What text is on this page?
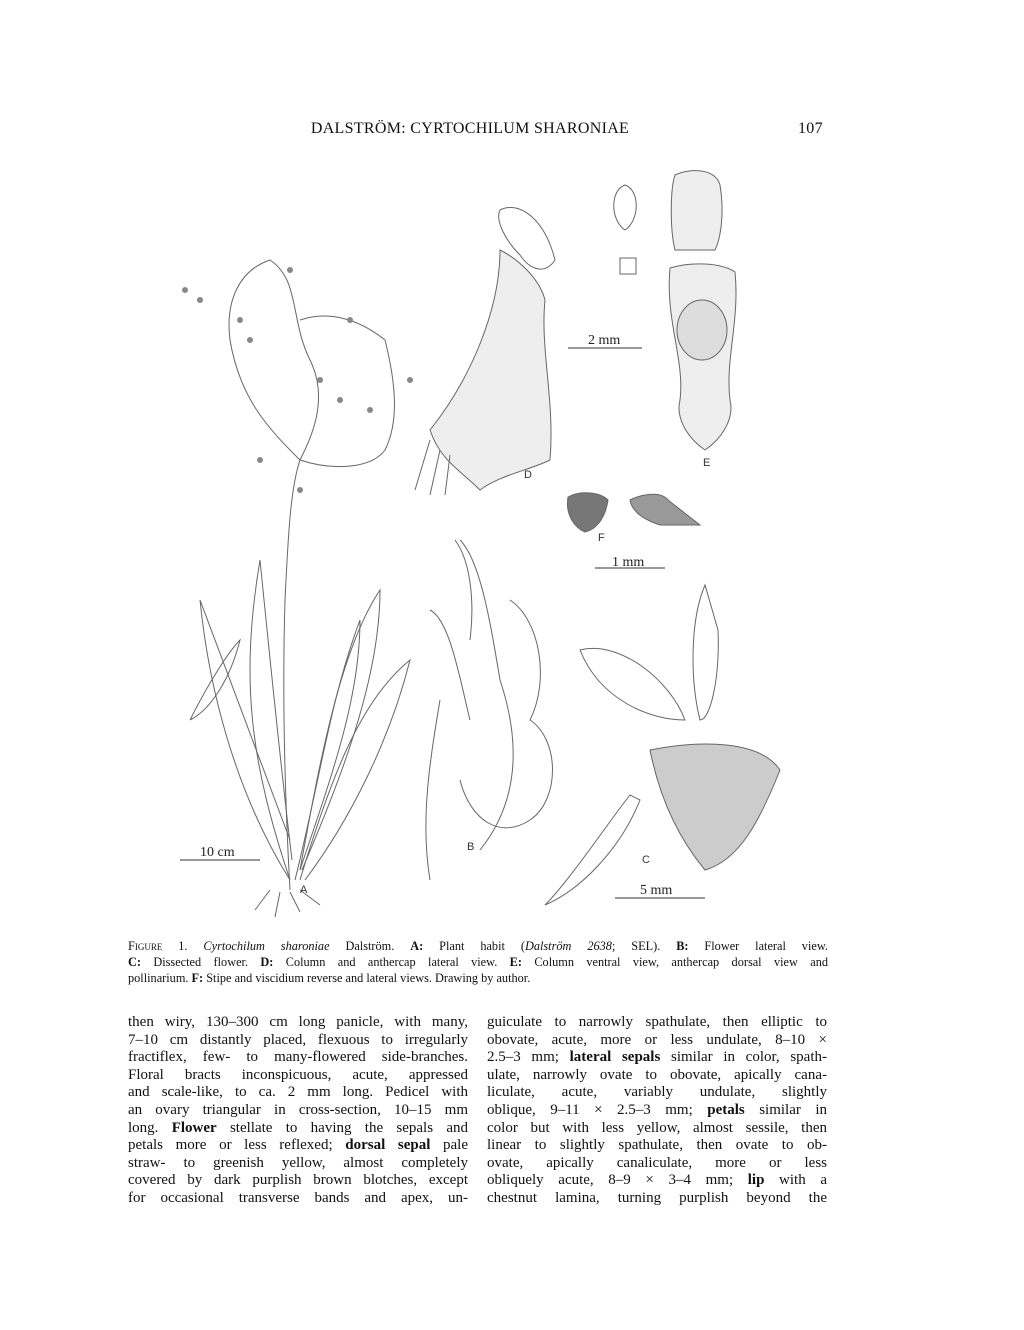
DALSTRÖM: CYRTOCHILUM SHARONIAE	107
A
B
C
D
E
F
10 cm
2 mm
1 mm
5 mm
Figure 1. Cyrtochilum sharoniae Dalström. A: Plant habit (Dalström 2638; SEL). B: Flower lateral view.
C: Dissected flower. D: Column and anthercap lateral view. E: Column ventral view, anthercap dorsal view and
pollinarium. F: Stipe and viscidium reverse and lateral views. Drawing by author.
then wiry, 130–300 cm long panicle, with many,
7–10 cm distantly placed, flexuous to irregularly
fractiflex, few- to many-flowered side-branches.
Floral bracts inconspicuous, acute, appressed
and scale-like, to ca. 2 mm long. Pedicel with
an ovary triangular in cross-section, 10–15 mm
long. Flower stellate to having the sepals and
petals more or less reflexed; dorsal sepal pale
straw- to greenish yellow, almost completely
covered by dark purplish brown blotches, except
for occasional transverse bands and apex, un-
guiculate to narrowly spathulate, then elliptic to
obovate, acute, more or less undulate, 8–10 ×
2.5–3 mm; lateral sepals similar in color, spath-
ulate, narrowly ovate to obovate, apically cana-
liculate, acute, variably undulate, slightly
oblique, 9–11 × 2.5–3 mm; petals similar in
color but with less yellow, almost sessile, then
linear to slightly spathulate, then ovate to ob-
ovate, apically canaliculate, more or less
obliquely acute, 8–9 × 3–4 mm; lip with a
chestnut lamina, turning purplish beyond the
